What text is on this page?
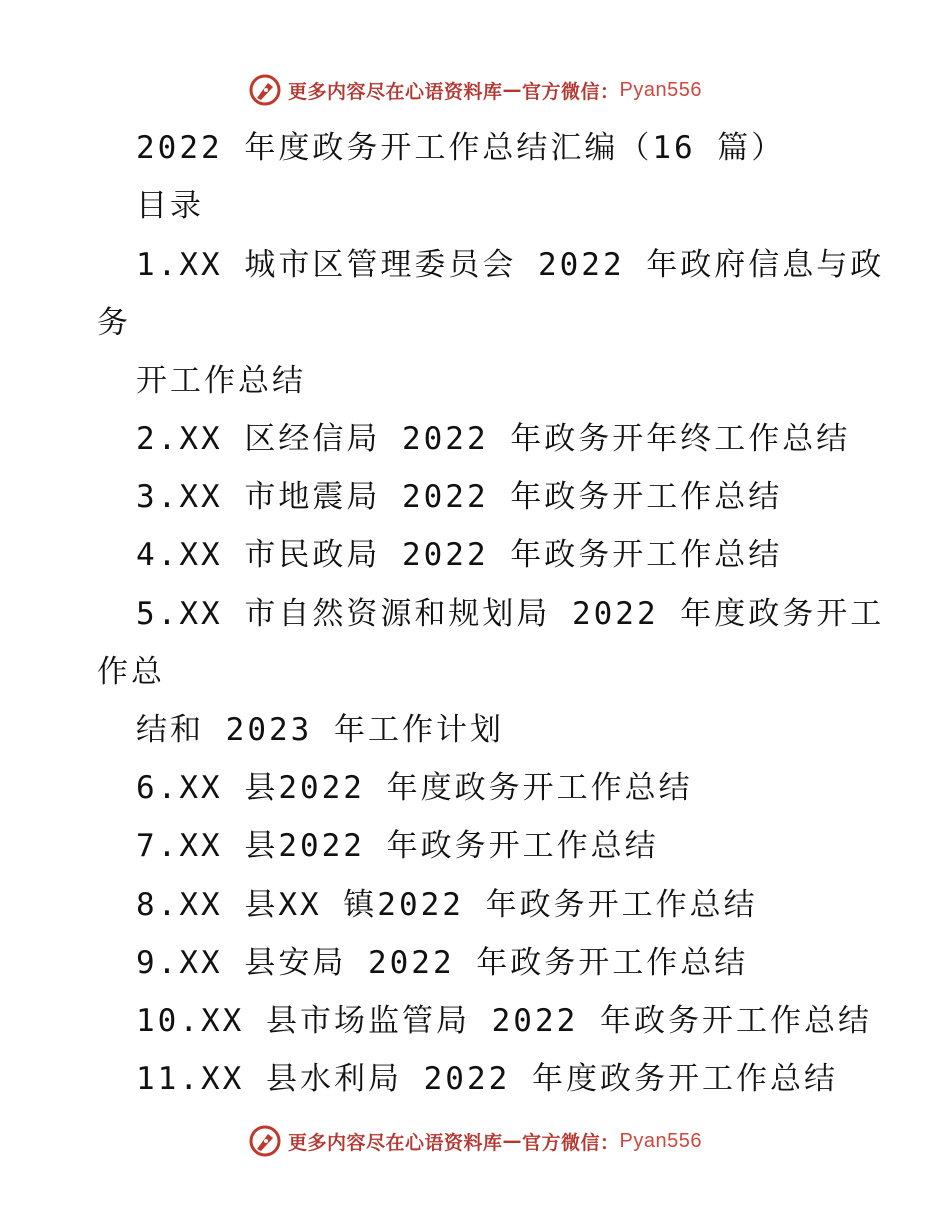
更多内容尽在心语资料库 — 官方微信： Pyan556
2022 年度政务开工作总结汇编（16 篇）
目录
1.XX 城市区管理委员会 2022 年政府信息与政
务
开工作总结
2.XX 区经信局 2022 年政务开年终工作总结
3.XX 市地震局 2022 年政务开工作总结
4.XX 市民政局 2022 年政务开工作总结
5.XX 市自然资源和规划局 2022 年度政务开工
作总
结和 2023 年工作计划
6.XX 县2022 年度政务开工作总结
7.XX 县2022 年政务开工作总结
8.XX 县XX 镇2022 年政务开工作总结
9.XX 县安局 2022 年政务开工作总结
10.XX 县市场监管局 2022 年政务开工作总结
11.XX 县水利局 2022 年度政务开工作总结
更多内容尽在心语资料库 — 官方微信： Pyan556
